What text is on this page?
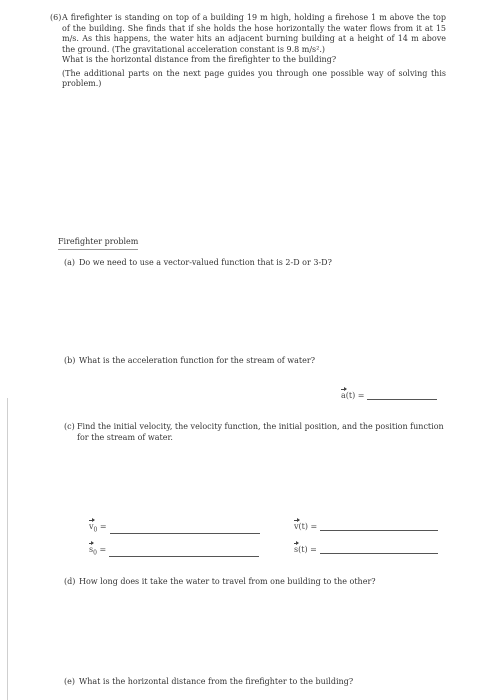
(6) A firefighter is standing on top of a building 19 m high, holding a firehose 1 m above the top of the building. She finds that if she holds the hose horizontally the water flows from it at 15 m/s. As this happens, the water hits an adjacent burning building at a height of 14 m above the ground. (The gravitational acceleration constant is 9.8 m/s².)

What is the horizontal distance from the firefighter to the building?

(The additional parts on the next page guides you through one possible way of solving this problem.)

Firefighter problem
(a) Do we need to use a vector-valued function that is 2-D or 3-D?
(b) What is the acceleration function for the stream of water?
a(t) =
(c) Find the initial velocity, the velocity function, the initial position, and the position function for the stream of water.
$v_0$ =	v(t) =
$s_0$ =	s(t) =
(d) How long does it take the water to travel from one building to the other?
(e) What is the horizontal distance from the firefighter to the building?
